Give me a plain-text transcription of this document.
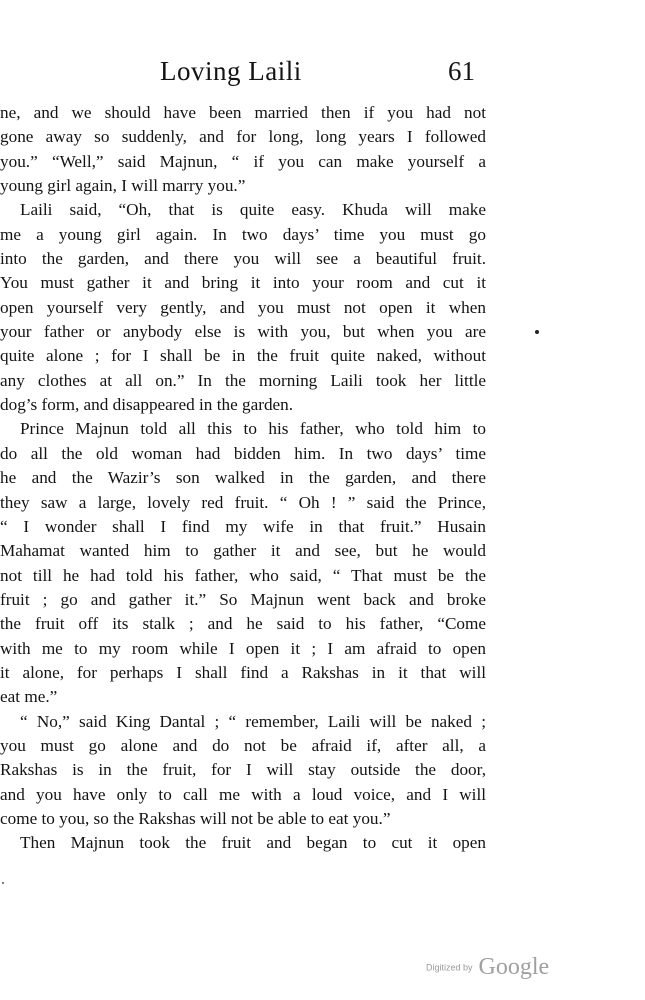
Loving Laili	61
ne, and we should have been married then if you had not
gone away so suddenly, and for long, long years I followed
you.” “Well,” said Majnun, “ if you can make yourself a
young girl again, I will marry you.”
Laili said, “Oh, that is quite easy. Khuda will make
me a young girl again. In two days’ time you must go
into the garden, and there you will see a beautiful fruit.
You must gather it and bring it into your room and cut it
open yourself very gently, and you must not open it when
your father or anybody else is with you, but when you are
quite alone ; for I shall be in the fruit quite naked, without
any clothes at all on.” In the morning Laili took her little
dog’s form, and disappeared in the garden.
Prince Majnun told all this to his father, who told him to
do all the old woman had bidden him. In two days’ time
he and the Wazir’s son walked in the garden, and there
they saw a large, lovely red fruit. “ Oh ! ” said the Prince,
“ I wonder shall I find my wife in that fruit.” Husain
Mahamat wanted him to gather it and see, but he would
not till he had told his father, who said, “ That must be the
fruit ; go and gather it.” So Majnun went back and broke
the fruit off its stalk ; and he said to his father, “Come
with me to my room while I open it ; I am afraid to open
it alone, for perhaps I shall find a Rakshas in it that will
eat me.”
“ No,” said King Dantal ; “ remember, Laili will be naked ;
you must go alone and do not be afraid if, after all, a
Rakshas is in the fruit, for I will stay outside the door,
and you have only to call me with a loud voice, and I will
come to you, so the Rakshas will not be able to eat you.”
Then Majnun took the fruit and began to cut it open
Digitized by Google
